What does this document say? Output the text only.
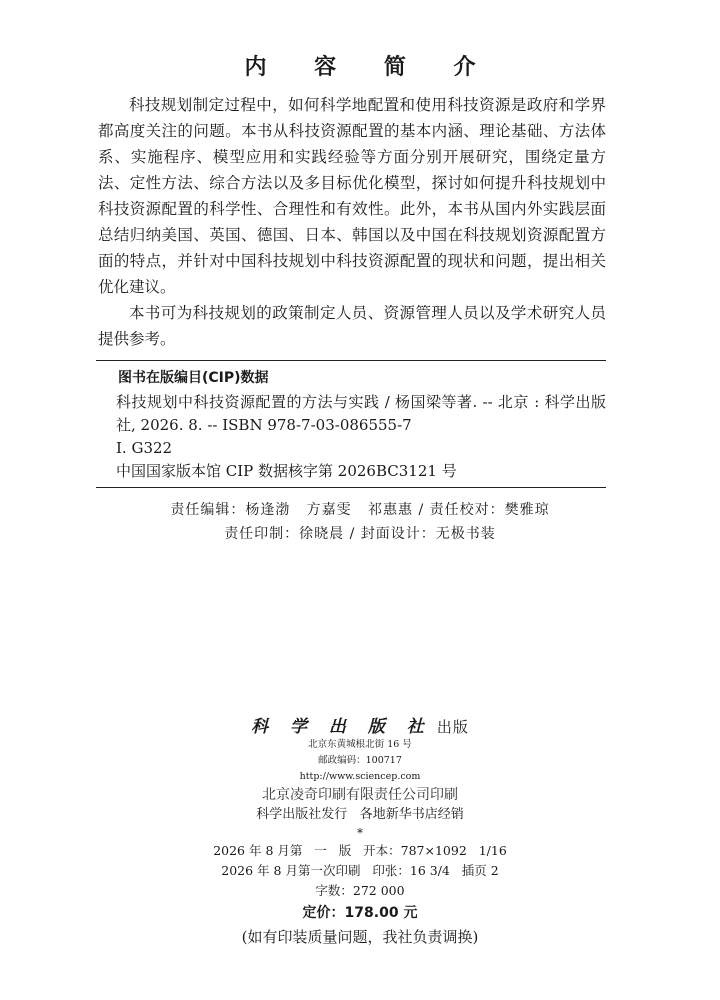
内 容 简 介

科技规划制定过程中，如何科学地配置和使用科技资源是政府和学界都高度关注的问题。本书从科技资源配置的基本内涵、理论基础、方法体系、实施程序、模型应用和实践经验等方面分别开展研究，围绕定量方法、定性方法、综合方法以及多目标优化模型，探讨如何提升科技规划中科技资源配置的科学性、合理性和有效性。此外，本书从国内外实践层面总结归纳美国、英国、德国、日本、韩国以及中国在科技规划资源配置方面的特点，并针对中国科技规划中科技资源配置的现状和问题，提出相关优化建议。

本书可为科技规划的政策制定人员、资源管理人员以及学术研究人员提供参考。

图书在版编目(CIP)数据
科技规划中科技资源配置的方法与实践 / 杨国梁等著. -- 北京 : 科学出版社, 2026. 8. -- ISBN 978-7-03-086555-7
Ⅰ. G322
中国国家版本馆 CIP 数据核字第 2026BC3121 号
责任编辑：杨逢渤   方嘉雯   祁惠惠 / 责任校对：樊雅琼
责任印制：徐晓晨 / 封面设计：无极书装
科 学 出 版 社 出版
北京东黄城根北街 16 号
邮政编码：100717
http://www.sciencep.com
北京凌奇印刷有限责任公司印刷
科学出版社发行   各地新华书店经销
*
2026 年 8 月第   一   版   开本：787×1092   1/16
2026 年 8 月第一次印刷   印张：16 3/4   插页 2
字数：272 000
定价：178.00 元
(如有印装质量问题，我社负责调换)
